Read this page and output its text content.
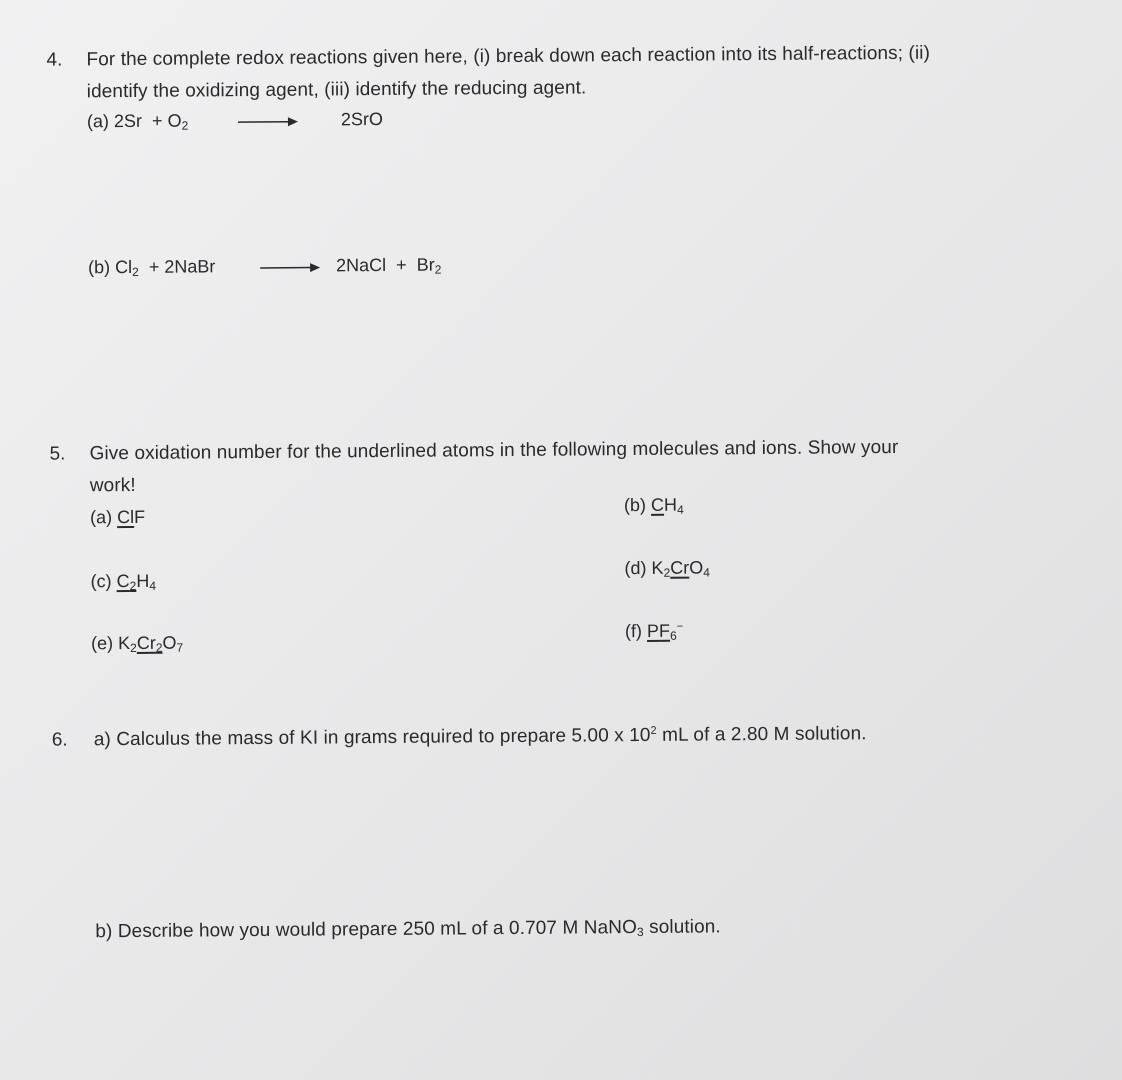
4. For the complete redox reactions given here, (i) break down each reaction into its half-reactions; (ii)
identify the oxidizing agent, (iii) identify the reducing agent.
(a) $2Sr + O_2$	2SrO
(b) $Cl_2$ + 2NaBr	2NaCl + $Br_2$
5. Give oxidation number for the underlined atoms in the following molecules and ions. Show your
work!
(a) ClF
(b) $CH_4$
(c) $C_2H_4$
(d) $K_2CrO_4$
(e) $K_2Cr_2O_7$
(f) $PF_6^-$
6. a) Calculus the mass of KI in grams required to prepare 5.00 x $10^2$ mL of a 2.80 M solution.
b) Describe how you would prepare 250 mL of a 0.707 M NaNO$_3$ solution.
